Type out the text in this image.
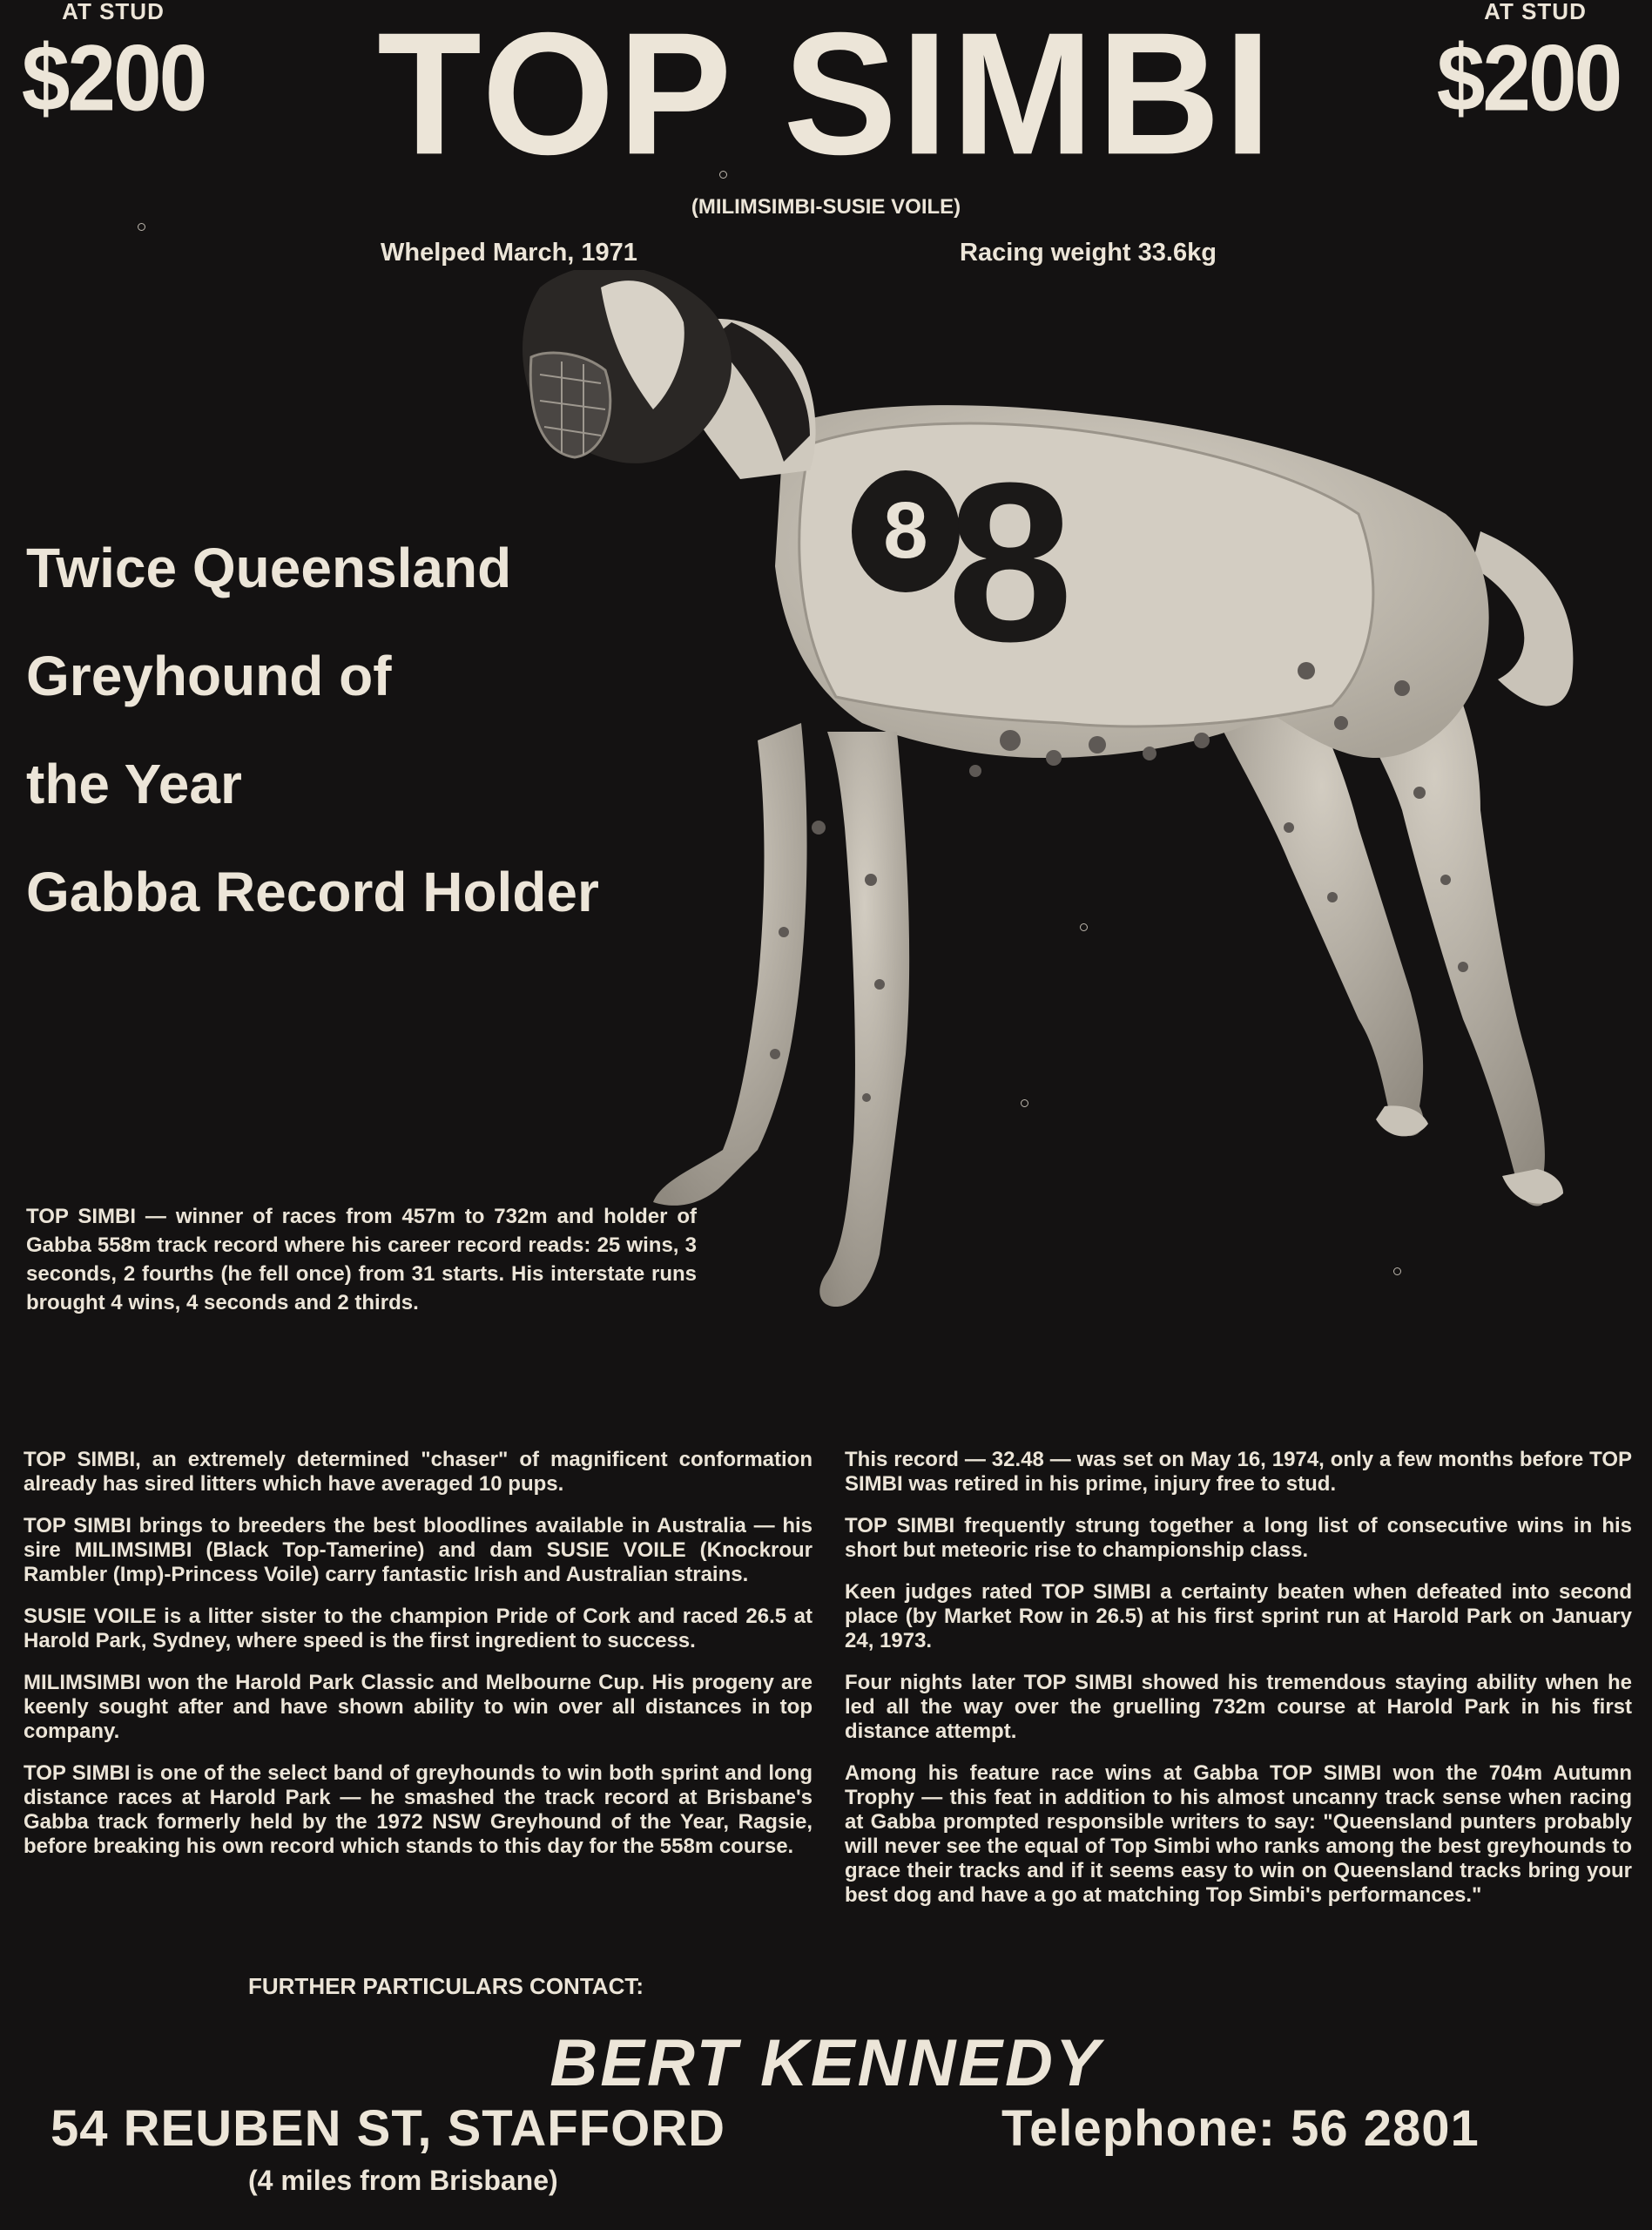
AT STUD
$200
AT STUD
$200
TOP SIMBI
(MILIMSIMBI-SUSIE VOILE)
Whelped March, 1971	Racing weight 33.6kg
8 8
Twice Queensland
Greyhound of
the Year
Gabba Record Holder
TOP SIMBI — winner of races from 457m to 732m and holder of Gabba 558m track record where his career record reads: 25 wins, 3 seconds, 2 fourths (he fell once) from 31 starts. His interstate runs brought 4 wins, 4 seconds and 2 thirds.

TOP SIMBI, an extremely determined "chaser" of magnificent conformation already has sired litters which have averaged 10 pups.

TOP SIMBI brings to breeders the best bloodlines available in Australia — his sire MILIMSIMBI (Black Top-Tamerine) and dam SUSIE VOILE (Knockrour Rambler (Imp)-Princess Voile) carry fantastic Irish and Australian strains.

SUSIE VOILE is a litter sister to the champion Pride of Cork and raced 26.5 at Harold Park, Sydney, where speed is the first ingredient to success.

MILIMSIMBI won the Harold Park Classic and Melbourne Cup. His progeny are keenly sought after and have shown ability to win over all distances in top company.

TOP SIMBI is one of the select band of greyhounds to win both sprint and long distance races at Harold Park — he smashed the track record at Brisbane's Gabba track formerly held by the 1972 NSW Greyhound of the Year, Ragsie, before breaking his own record which stands to this day for the 558m course.

This record — 32.48 — was set on May 16, 1974, only a few months before TOP SIMBI was retired in his prime, injury free to stud.

TOP SIMBI frequently strung together a long list of consecutive wins in his short but meteoric rise to championship class.

Keen judges rated TOP SIMBI a certainty beaten when defeated into second place (by Market Row in 26.5) at his first sprint run at Harold Park on January 24, 1973.

Four nights later TOP SIMBI showed his tremendous staying ability when he led all the way over the gruelling 732m course at Harold Park in his first distance attempt.

Among his feature race wins at Gabba TOP SIMBI won the 704m Autumn Trophy — this feat in addition to his almost uncanny track sense when racing at Gabba prompted responsible writers to say: "Queensland punters probably will never see the equal of Top Simbi who ranks among the best greyhounds to grace their tracks and if it seems easy to win on Queensland tracks bring your best dog and have a go at matching Top Simbi's performances."

FURTHER PARTICULARS CONTACT:
BERT KENNEDY
54 REUBEN ST, STAFFORD	Telephone: 56 2801
(4 miles from Brisbane)
